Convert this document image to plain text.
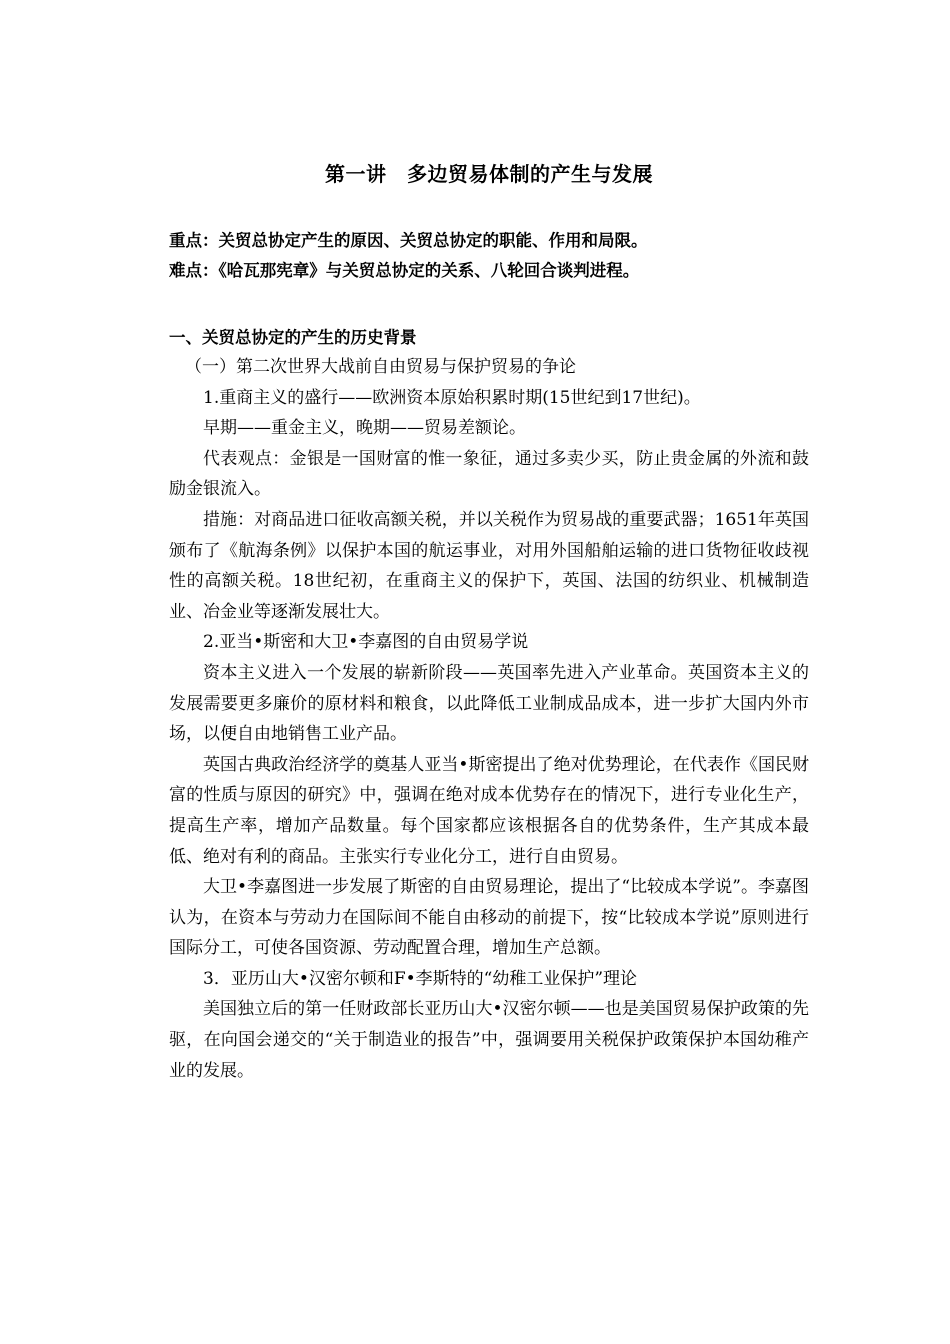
第一讲　多边贸易体制的产生与发展
重点：关贸总协定产生的原因、关贸总协定的职能、作用和局限。
难点：《哈瓦那宪章》与关贸总协定的关系、八轮回合谈判进程。
一、关贸总协定的产生的历史背景

（一）第二次世界大战前自由贸易与保护贸易的争论

1.重商主义的盛行——欧洲资本原始积累时期(15世纪到17世纪)。

早期——重金主义，晚期——贸易差额论。

代表观点：金银是一国财富的惟一象征，通过多卖少买，防止贵金属的外流和鼓励金银流入。

措施：对商品进口征收高额关税，并以关税作为贸易战的重要武器；1651年英国颁布了《航海条例》以保护本国的航运事业，对用外国船舶运输的进口货物征收歧视性的高额关税。18世纪初，在重商主义的保护下，英国、法国的纺织业、机械制造业、冶金业等逐渐发展壮大。

2.亚当•斯密和大卫•李嘉图的自由贸易学说

资本主义进入一个发展的崭新阶段——英国率先进入产业革命。英国资本主义的发展需要更多廉价的原材料和粮食，以此降低工业制成品成本，进一步扩大国内外市场，以便自由地销售工业产品。

英国古典政治经济学的奠基人亚当•斯密提出了绝对优势理论，在代表作《国民财富的性质与原因的研究》中，强调在绝对成本优势存在的情况下，进行专业化生产，提高生产率，增加产品数量。每个国家都应该根据各自的优势条件，生产其成本最低、绝对有利的商品。主张实行专业化分工，进行自由贸易。

大卫•李嘉图进一步发展了斯密的自由贸易理论，提出了“比较成本学说”。李嘉图认为，在资本与劳动力在国际间不能自由移动的前提下，按“比较成本学说”原则进行国际分工，可使各国资源、劳动配置合理，增加生产总额。

3．亚历山大•汉密尔顿和F•李斯特的“幼稚工业保护”理论

美国独立后的第一任财政部长亚历山大•汉密尔顿——也是美国贸易保护政策的先驱，在向国会递交的“关于制造业的报告”中，强调要用关税保护政策保护本国幼稚产业的发展。
